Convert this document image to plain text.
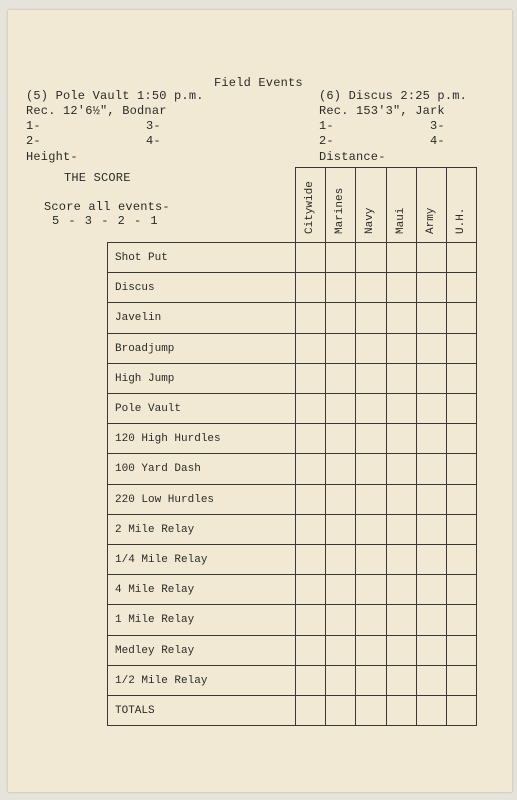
Field Events
(5) Pole Vault 1:50 p.m.
Rec. 12'6½", Bodnar
1-	3-
2-	4-
Height-
(6) Discus 2:25 p.m.
Rec. 153'3", Jark
1-	3-
2-	4-
Distance-
THE SCORE
Score all events-
5 - 3 - 2 - 1	Citywide Marines Navy Maui Army U.H.
Shot Put
Discus
Javelin
Broadjump
High Jump
Pole Vault
120 High Hurdles
100 Yard Dash
220 Low Hurdles
2 Mile Relay
1/4 Mile Relay
4 Mile Relay
1 Mile Relay
Medley Relay
1/2 Mile Relay
TOTALS
